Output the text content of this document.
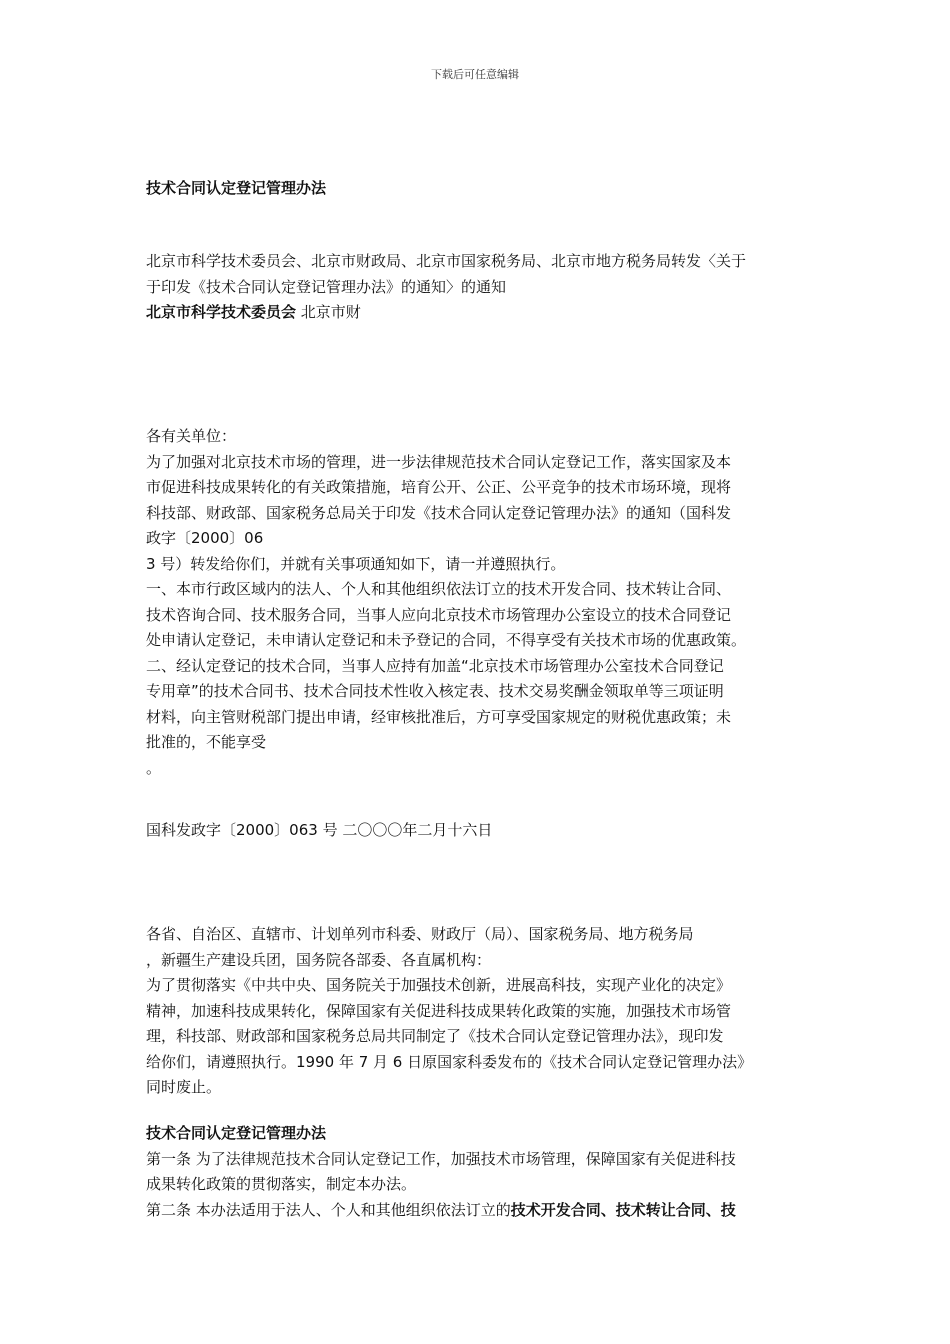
下载后可任意编辑
技术合同认定登记管理办法
北京市科学技术委员会、北京市财政局、北京市国家税务局、北京市地方税务局转发〈关于
于印发《技术合同认定登记管理办法》的通知〉的通知
北京市科学技术委员会 北京市财
各有关单位：
为了加强对北京技术市场的管理，进一步法律规范技术合同认定登记工作，落实国家及本
市促进科技成果转化的有关政策措施，培育公开、公正、公平竞争的技术市场环境，现将
科技部、财政部、国家税务总局关于印发《技术合同认定登记管理办法》的通知（国科发
政字〔2000〕06
3 号）转发给你们，并就有关事项通知如下，请一并遵照执行。
一、本市行政区域内的法人、个人和其他组织依法订立的技术开发合同、技术转让合同、
技术咨询合同、技术服务合同，当事人应向北京技术市场管理办公室设立的技术合同登记
处申请认定登记，未申请认定登记和未予登记的合同，不得享受有关技术市场的优惠政策。
二、经认定登记的技术合同，当事人应持有加盖“北京技术市场管理办公室技术合同登记
专用章”的技术合同书、技术合同技术性收入核定表、技术交易奖酬金领取单等三项证明
材料，向主管财税部门提出申请，经审核批准后，方可享受国家规定的财税优惠政策；未
批准的，不能享受
。
国科发政字〔2000〕063 号 二〇〇〇年二月十六日
各省、自治区、直辖市、计划单列市科委、财政厅（局）、国家税务局、地方税务局
，新疆生产建设兵团，国务院各部委、各直属机构：
为了贯彻落实《中共中央、国务院关于加强技术创新，进展高科技，实现产业化的决定》
精神，加速科技成果转化，保障国家有关促进科技成果转化政策的实施，加强技术市场管
理，科技部、财政部和国家税务总局共同制定了《技术合同认定登记管理办法》，现印发
给你们，请遵照执行。1990 年 7 月 6 日原国家科委发布的《技术合同认定登记管理办法》
同时废止。
技术合同认定登记管理办法
第一条 为了法律规范技术合同认定登记工作，加强技术市场管理，保障国家有关促进科技
成果转化政策的贯彻落实，制定本办法。
第二条 本办法适用于法人、个人和其他组织依法订立的技术开发合同、技术转让合同、技
